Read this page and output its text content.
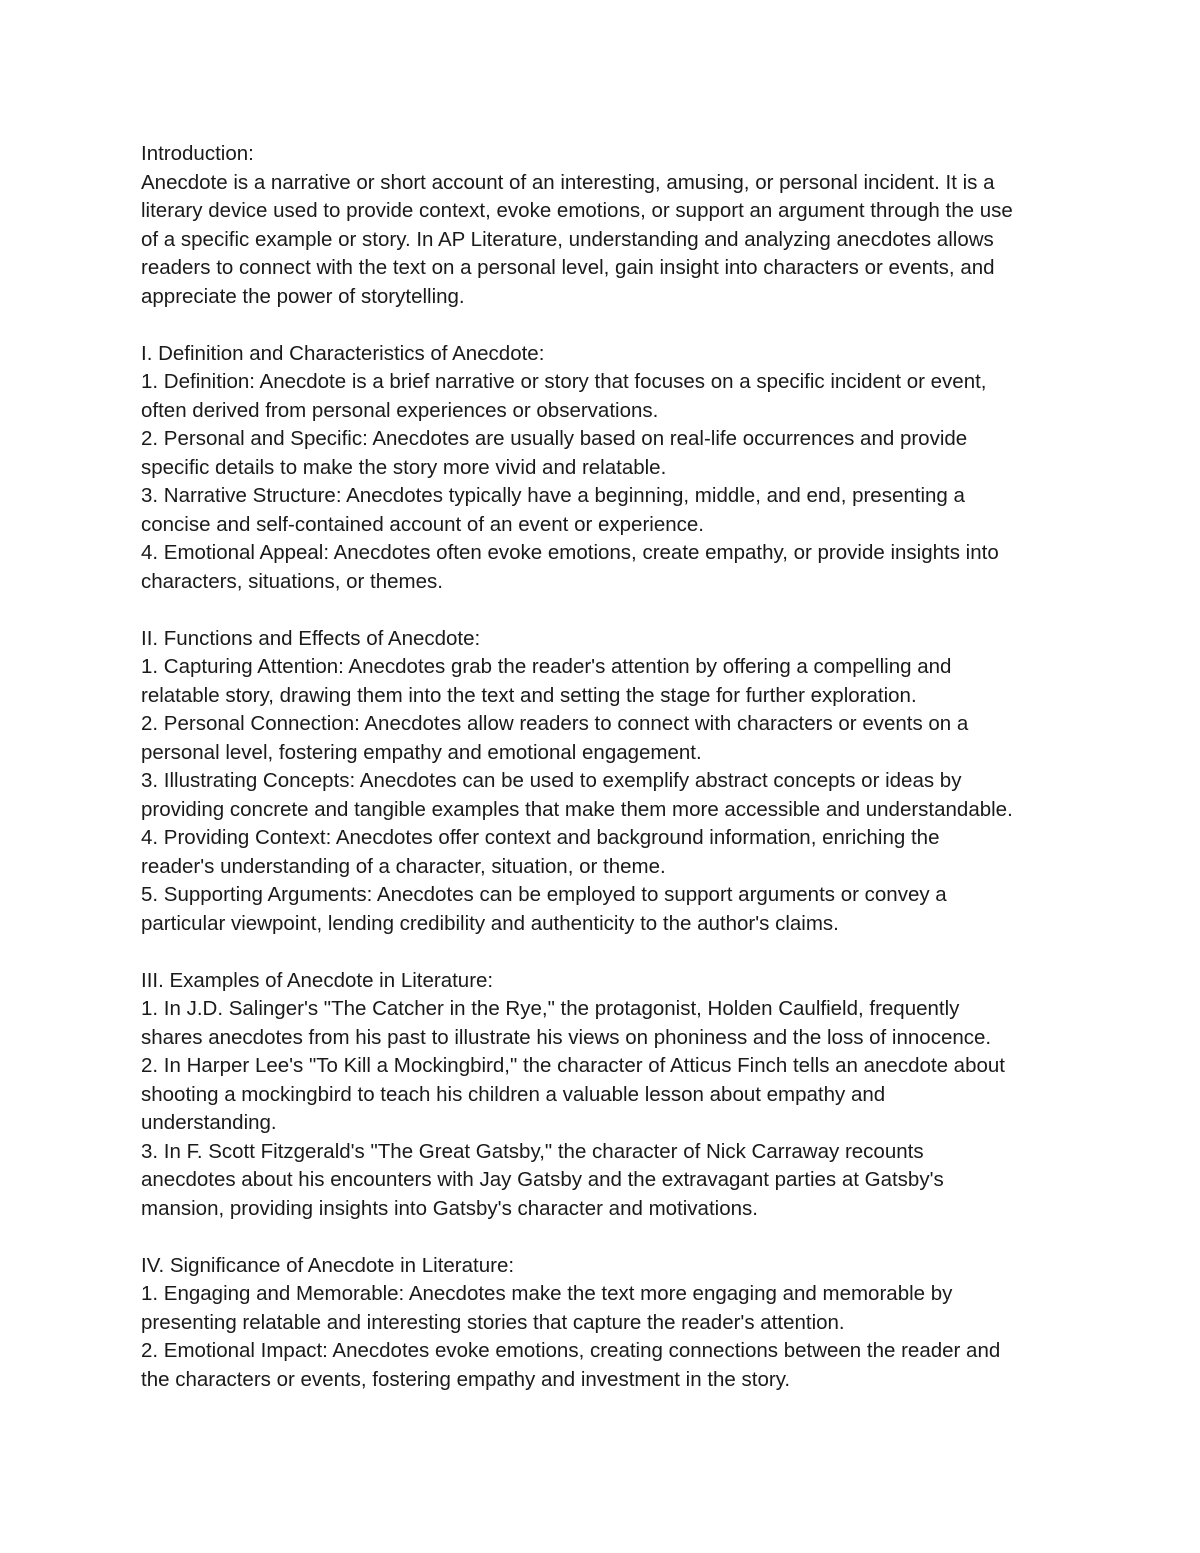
Introduction:
Anecdote is a narrative or short account of an interesting, amusing, or personal incident. It is a
literary device used to provide context, evoke emotions, or support an argument through the use
of a specific example or story. In AP Literature, understanding and analyzing anecdotes allows
readers to connect with the text on a personal level, gain insight into characters or events, and
appreciate the power of storytelling.
I. Definition and Characteristics of Anecdote:
1. Definition: Anecdote is a brief narrative or story that focuses on a specific incident or event,
often derived from personal experiences or observations.
2. Personal and Specific: Anecdotes are usually based on real-life occurrences and provide
specific details to make the story more vivid and relatable.
3. Narrative Structure: Anecdotes typically have a beginning, middle, and end, presenting a
concise and self-contained account of an event or experience.
4. Emotional Appeal: Anecdotes often evoke emotions, create empathy, or provide insights into
characters, situations, or themes.
II. Functions and Effects of Anecdote:
1. Capturing Attention: Anecdotes grab the reader's attention by offering a compelling and
relatable story, drawing them into the text and setting the stage for further exploration.
2. Personal Connection: Anecdotes allow readers to connect with characters or events on a
personal level, fostering empathy and emotional engagement.
3. Illustrating Concepts: Anecdotes can be used to exemplify abstract concepts or ideas by
providing concrete and tangible examples that make them more accessible and understandable.
4. Providing Context: Anecdotes offer context and background information, enriching the
reader's understanding of a character, situation, or theme.
5. Supporting Arguments: Anecdotes can be employed to support arguments or convey a
particular viewpoint, lending credibility and authenticity to the author's claims.
III. Examples of Anecdote in Literature:
1. In J.D. Salinger's "The Catcher in the Rye," the protagonist, Holden Caulfield, frequently
shares anecdotes from his past to illustrate his views on phoniness and the loss of innocence.
2. In Harper Lee's "To Kill a Mockingbird," the character of Atticus Finch tells an anecdote about
shooting a mockingbird to teach his children a valuable lesson about empathy and
understanding.
3. In F. Scott Fitzgerald's "The Great Gatsby," the character of Nick Carraway recounts
anecdotes about his encounters with Jay Gatsby and the extravagant parties at Gatsby's
mansion, providing insights into Gatsby's character and motivations.
IV. Significance of Anecdote in Literature:
1. Engaging and Memorable: Anecdotes make the text more engaging and memorable by
presenting relatable and interesting stories that capture the reader's attention.
2. Emotional Impact: Anecdotes evoke emotions, creating connections between the reader and
the characters or events, fostering empathy and investment in the story.
